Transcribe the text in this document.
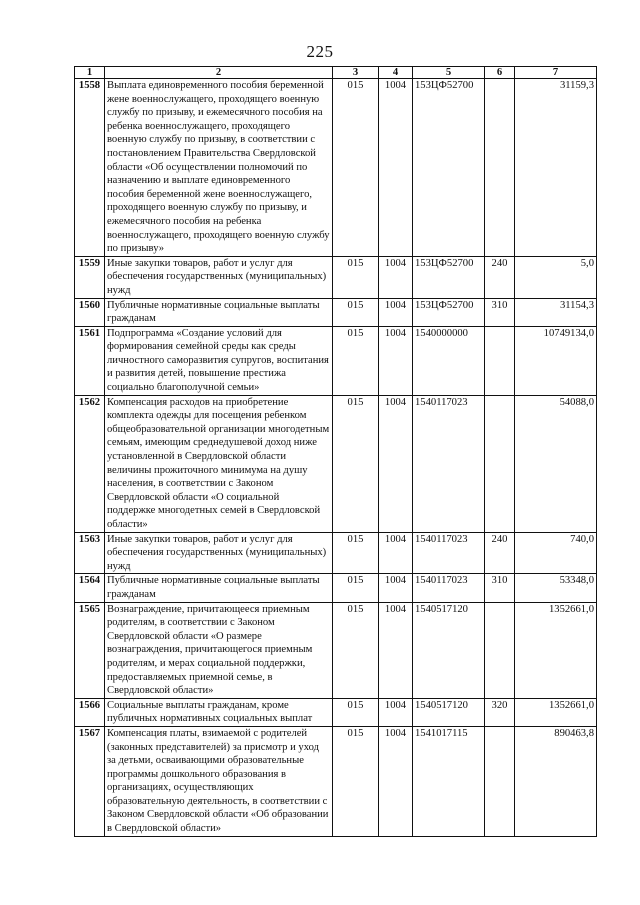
225
1	2	3	4	5	6	7
1558	Выплата единовременного пособия беременной жене военнослужащего, проходящего военную службу по призыву, и ежемесячного пособия на ребенка военнослужащего, проходящего военную службу по призыву, в соответствии с постановлением Правительства Свердловской области «Об осуществлении полномочий по назначению и выплате единовременного пособия беременной жене военнослужащего, проходящего военную службу по призыву, и ежемесячного пособия на ребенка военнослужащего, проходящего военную службу по призыву»	015	1004	153ЦФ52700		31159,3
1559	Иные закупки товаров, работ и услуг для обеспечения государственных (муниципальных) нужд	015	1004	153ЦФ52700	240	5,0
1560	Публичные нормативные социальные выплаты гражданам	015	1004	153ЦФ52700	310	31154,3
1561	Подпрограмма «Создание условий для формирования семейной среды как среды личностного саморазвития супругов, воспитания и развития детей, повышение престижа социально благополучной семьи»	015	1004	1540000000		10749134,0
1562	Компенсация расходов на приобретение комплекта одежды для посещения ребенком общеобразовательной организации многодетным семьям, имеющим среднедушевой доход ниже установленной в Свердловской области величины прожиточного минимума на душу населения, в соответствии с Законом Свердловской области «О социальной поддержке многодетных семей в Свердловской области»	015	1004	1540117023		54088,0
1563	Иные закупки товаров, работ и услуг для обеспечения государственных (муниципальных) нужд	015	1004	1540117023	240	740,0
1564	Публичные нормативные социальные выплаты гражданам	015	1004	1540117023	310	53348,0
1565	Вознаграждение, причитающееся приемным родителям, в соответствии с Законом Свердловской области «О размере вознаграждения, причитающегося приемным родителям, и мерах социальной поддержки, предоставляемых приемной семье, в Свердловской области»	015	1004	1540517120		1352661,0
1566	Социальные выплаты гражданам, кроме публичных нормативных социальных выплат	015	1004	1540517120	320	1352661,0
1567	Компенсация платы, взимаемой с родителей (законных представителей) за присмотр и уход за детьми, осваивающими образовательные программы дошкольного образования в организациях, осуществляющих образовательную деятельность, в соответствии с Законом Свердловской области «Об образовании в Свердловской области»	015	1004	1541017115		890463,8
